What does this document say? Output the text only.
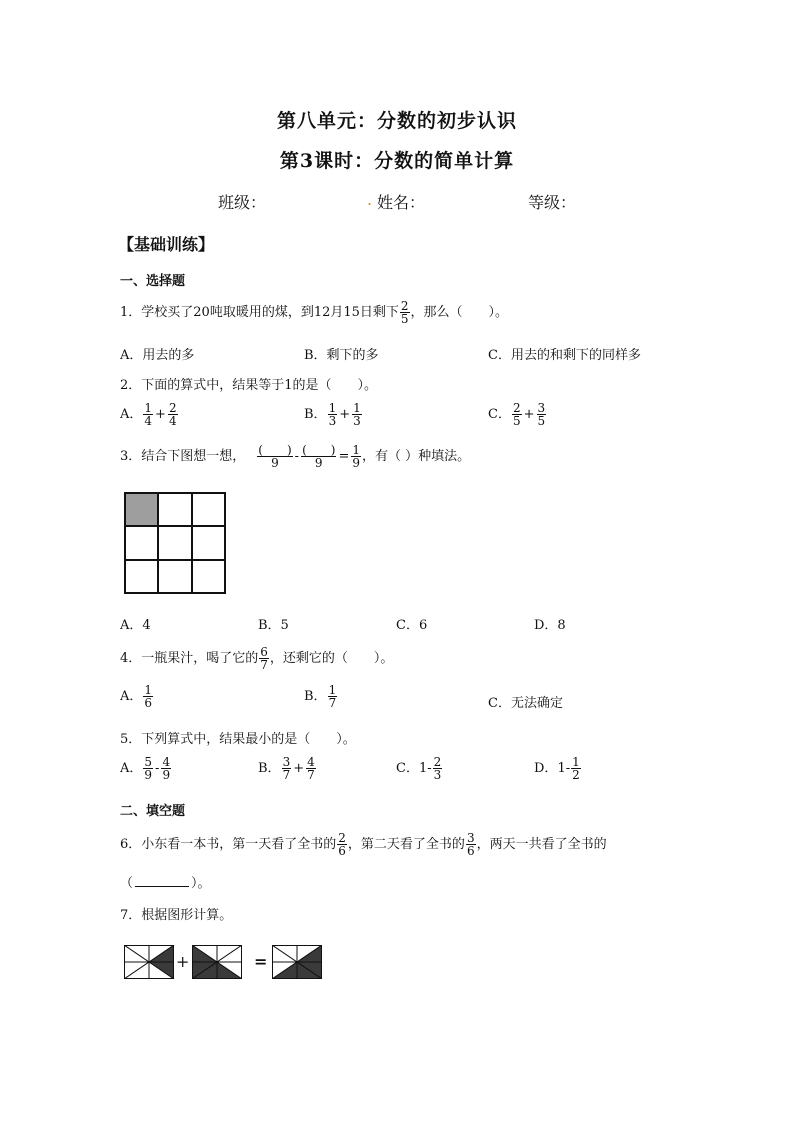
第八单元：分数的初步认识
第3课时：分数的简单计算
班级：	. 姓名：	等级：
【基础训练】
一、选择题
1．学校买了20吨取暖用的煤，到12月15日剩下 $\frac{2}{5}$ ，那么（　　）。
A．用去的多	B．剩下的多	C．用去的和剩下的同样多
2．下面的算式中，结果等于1的是（　　）。
A． $\frac{1}{4} + \frac{2}{4}$	B． $\frac{1}{3} + \frac{1}{3}$	C． $\frac{2}{5} + \frac{3}{5}$
3．结合下图想一想， $\frac{( )}{9} - \frac{( )}{9} = \frac{1}{9}$ ，有（ ）种填法。
A．4	B．5	C．6	D．8
4．一瓶果汁，喝了它的 $\frac{6}{7}$ ，还剩它的（　　）。
A． $\frac{1}{6}$	B． $\frac{1}{7}$	C．无法确定
5．下列算式中，结果最小的是（　　）。
A． $\frac{5}{9} - \frac{4}{9}$	B． $\frac{3}{7} + \frac{4}{7}$	C．$1- \frac{2}{3}$	D．$1- \frac{1}{2}$
二、填空题
6．小东看一本书，第一天看了全书的 $\frac{2}{6}$ ，第二天看了全书的 $\frac{3}{6}$ ，两天一共看了全书的
（	）。
7．根据图形计算。
+	=
